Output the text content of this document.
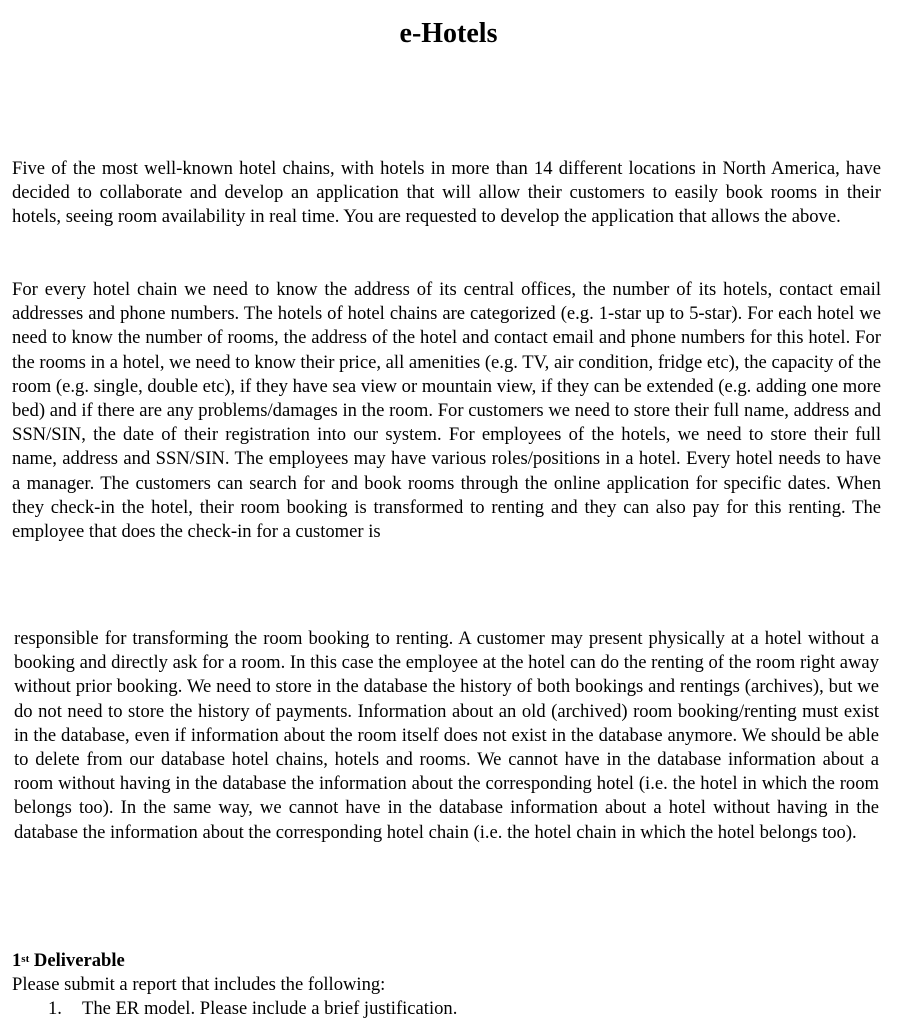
e-Hotels

Five of the most well-known hotel chains, with hotels in more than 14 different locations in North America, have decided to collaborate and develop an application that will allow their customers to easily book rooms in their hotels, seeing room availability in real time. You are requested to develop the application that allows the above.

For every hotel chain we need to know the address of its central offices, the number of its hotels, contact email addresses and phone numbers. The hotels of hotel chains are categorized (e.g. 1-star up to 5-star). For each hotel we need to know the number of rooms, the address of the hotel and contact email and phone numbers for this hotel. For the rooms in a hotel, we need to know their price, all amenities (e.g. TV, air condition, fridge etc), the capacity of the room (e.g. single, double etc), if they have sea view or mountain view, if they can be extended (e.g. adding one more bed) and if there are any problems/damages in the room. For customers we need to store their full name, address and SSN/SIN, the date of their registration into our system. For employees of the hotels, we need to store their full name, address and SSN/SIN. The employees may have various roles/positions in a hotel. Every hotel needs to have a manager. The customers can search for and book rooms through the online application for specific dates. When they check-in the hotel, their room booking is transformed to renting and they can also pay for this renting. The employee that does the check-in for a customer is

responsible for transforming the room booking to renting. A customer may present physically at a hotel without a booking and directly ask for a room. In this case the employee at the hotel can do the renting of the room right away without prior booking. We need to store in the database the history of both bookings and rentings (archives), but we do not need to store the history of payments. Information about an old (archived) room booking/renting must exist in the database, even if information about the room itself does not exist in the database anymore. We should be able to delete from our database hotel chains, hotels and rooms. We cannot have in the database information about a room without having in the database the information about the corresponding hotel (i.e. the hotel in which the room belongs too). In the same way, we cannot have in the database information about a hotel without having in the database the information about the corresponding hotel chain (i.e. the hotel chain in which the hotel belongs too).

1st Deliverable
Please submit a report that includes the following:
1. The ER model. Please include a brief justification.
